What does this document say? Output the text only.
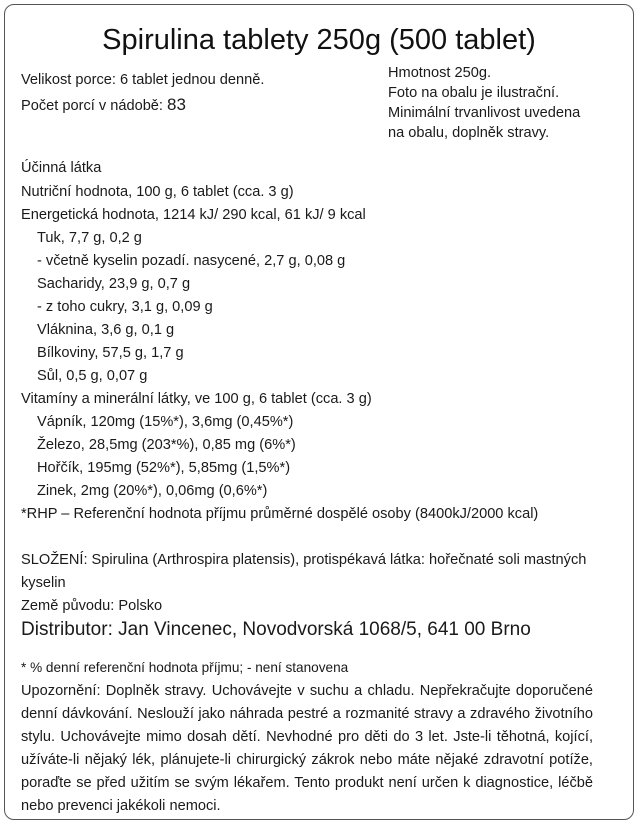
Spirulina tablety 250g (500 tablet)
Velikost porce: 6 tablet jednou denně.
Počet porcí v nádobě: 83
Hmotnost 250g.
Foto na obalu je ilustrační.
Minimální trvanlivost uvedena
na obalu, doplněk stravy.
Účinná látka
Nutriční hodnota, 100 g, 6 tablet (cca. 3 g)
Energetická hodnota, 1214 kJ/ 290 kcal, 61 kJ/ 9 kcal
Tuk, 7,7 g, 0,2 g
- včetně kyselin pozadí. nasycené, 2,7 g, 0,08 g
Sacharidy, 23,9 g, 0,7 g
- z toho cukry, 3,1 g, 0,09 g
Vláknina, 3,6 g, 0,1 g
Bílkoviny, 57,5 g, 1,7 g
Sůl, 0,5 g, 0,07 g
Vitamíny a minerální látky, ve 100 g, 6 tablet (cca. 3 g)
Vápník, 120mg (15%*), 3,6mg (0,45%*)
Železo, 28,5mg (203*%), 0,85 mg (6%*)
Hořčík, 195mg (52%*), 5,85mg (1,5%*)
Zinek, 2mg (20%*), 0,06mg (0,6%*)
*RHP – Referenční hodnota příjmu průměrné dospělé osoby (8400kJ/2000 kcal)
SLOŽENÍ: Spirulina (Arthrospira platensis), protispékavá látka: hořečnaté soli mastných kyselin
Země původu: Polsko
Distributor: Jan Vincenec, Novodvorská 1068/5, 641 00 Brno
* % denní referenční hodnota příjmu; - není stanovena
Upozornění: Doplněk stravy. Uchovávejte v suchu a chladu. Nepřekračujte doporučené denní dávkování. Neslouží jako náhrada pestré a rozmanité stravy a zdravého životního stylu. Uchovávejte mimo dosah dětí. Nevhodné pro děti do 3 let. Jste-li těhotná, kojící, užíváte-li nějaký lék, plánujete-li chirurgický zákrok nebo máte nějaké zdravotní potíže, poraďte se před užitím se svým lékařem. Tento produkt není určen k diagnostice, léčbě nebo prevenci jakékoli nemoci.
